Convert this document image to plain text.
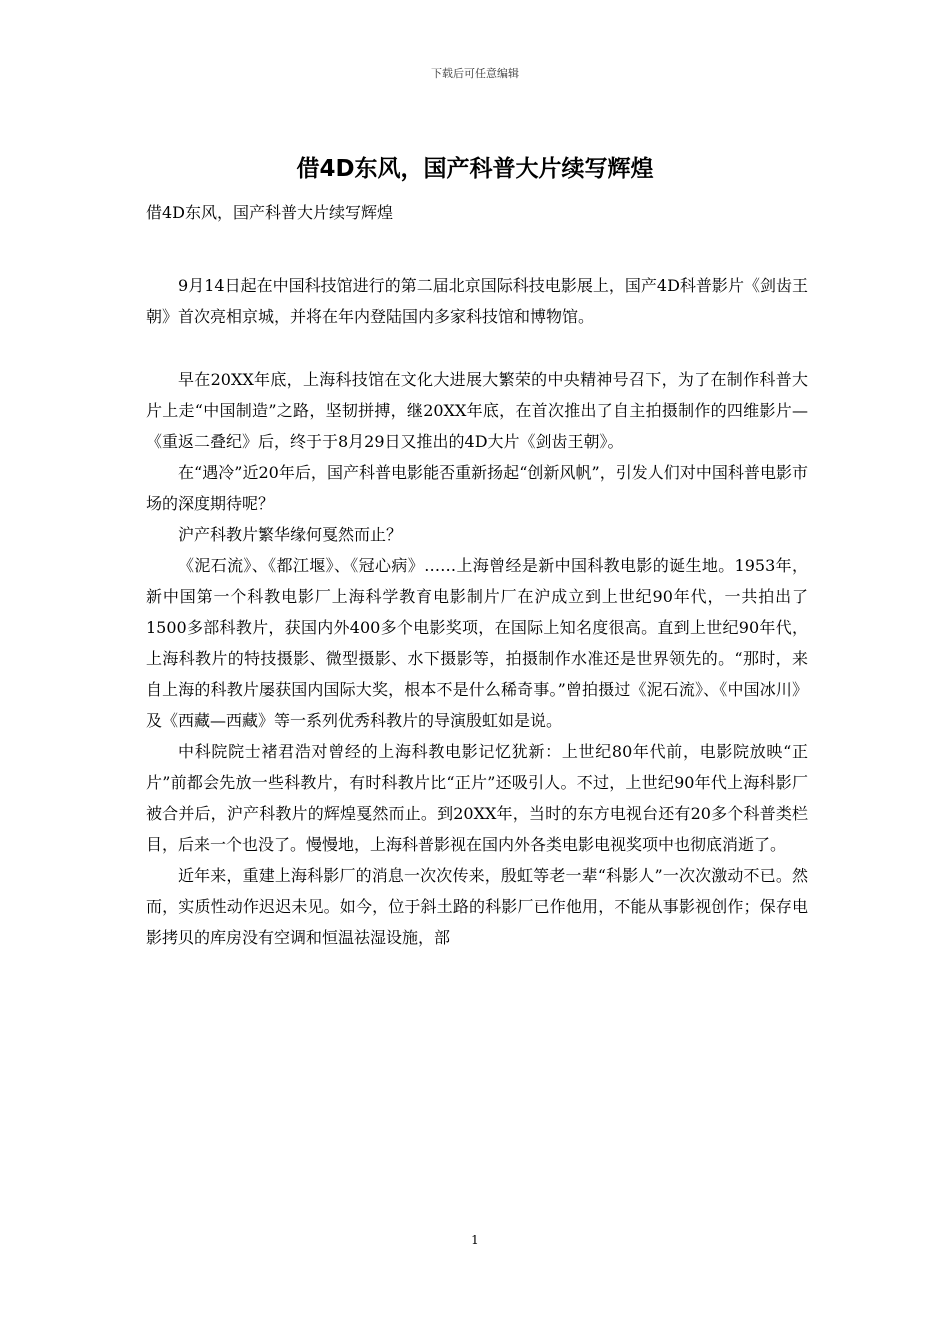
下载后可任意编辑
借4D东风，国产科普大片续写辉煌
借4D东风，国产科普大片续写辉煌

9月14日起在中国科技馆进行的第二届北京国际科技电影展上，国产4D科普影片《剑齿王朝》首次亮相京城，并将在年内登陆国内多家科技馆和博物馆。

早在20XX年底，上海科技馆在文化大进展大繁荣的中央精神号召下，为了在制作科普大片上走“中国制造”之路，坚韧拼搏，继20XX年底，在首次推出了自主拍摄制作的四维影片—《重返二叠纪》后，终于于8月29日又推出的4D大片《剑齿王朝》。

在“遇冷”近20年后，国产科普电影能否重新扬起“创新风帆”，引发人们对中国科普电影市场的深度期待呢？

沪产科教片繁华缘何戛然而止？

《泥石流》、《都江堰》、《冠心病》……上海曾经是新中国科教电影的诞生地。1953年，新中国第一个科教电影厂上海科学教育电影制片厂在沪成立到上世纪90年代，一共拍出了1500多部科教片，获国内外400多个电影奖项，在国际上知名度很高。直到上世纪90年代，上海科教片的特技摄影、微型摄影、水下摄影等，拍摄制作水准还是世界领先的。“那时，来自上海的科教片屡获国内国际大奖，根本不是什么稀奇事。”曾拍摄过《泥石流》、《中国冰川》及《西藏—西藏》等一系列优秀科教片的导演殷虹如是说。

中科院院士褚君浩对曾经的上海科教电影记忆犹新：上世纪80年代前，电影院放映“正片”前都会先放一些科教片，有时科教片比“正片”还吸引人。不过，上世纪90年代上海科影厂被合并后，沪产科教片的辉煌戛然而止。到20XX年，当时的东方电视台还有20多个科普类栏目，后来一个也没了。慢慢地，上海科普影视在国内外各类电影电视奖项中也彻底消逝了。

近年来，重建上海科影厂的消息一次次传来，殷虹等老一辈“科影人”一次次激动不已。然而，实质性动作迟迟未见。如今，位于斜土路的科影厂已作他用，不能从事影视创作；保存电影拷贝的库房没有空调和恒温祛湿设施，部

1
